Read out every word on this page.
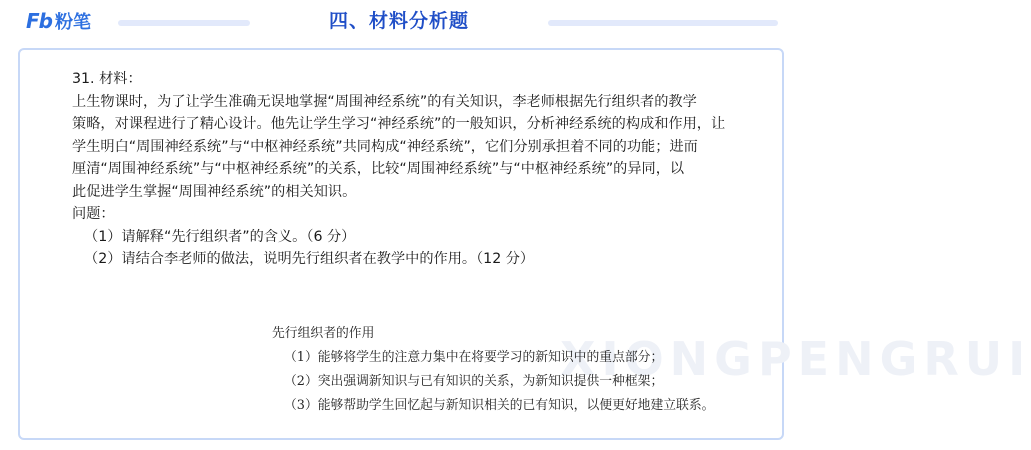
Fb 粉笔	四、材料分析题
XIONGPENGRUI
31. 材料：

上生物课时，为了让学生准确无误地掌握“周围神经系统”的有关知识，李老师根据先行组织者的教学

策略，对课程进行了精心设计。他先让学生学习“神经系统”的一般知识，分析神经系统的构成和作用，让

学生明白“周围神经系统”与“中枢神经系统”共同构成“神经系统”，它们分别承担着不同的功能；进而

厘清“周围神经系统”与“中枢神经系统”的关系，比较“周围神经系统”与“中枢神经系统”的异同，以

此促进学生掌握“周围神经系统”的相关知识。

问题：

（1）请解释“先行组织者”的含义。（6 分）
（2）请结合李老师的做法，说明先行组织者在教学中的作用。（12 分）
先行组织者的作用
（1）能够将学生的注意力集中在将要学习的新知识中的重点部分；
（2）突出强调新知识与已有知识的关系，为新知识提供一种框架；
（3）能够帮助学生回忆起与新知识相关的已有知识，以便更好地建立联系。
